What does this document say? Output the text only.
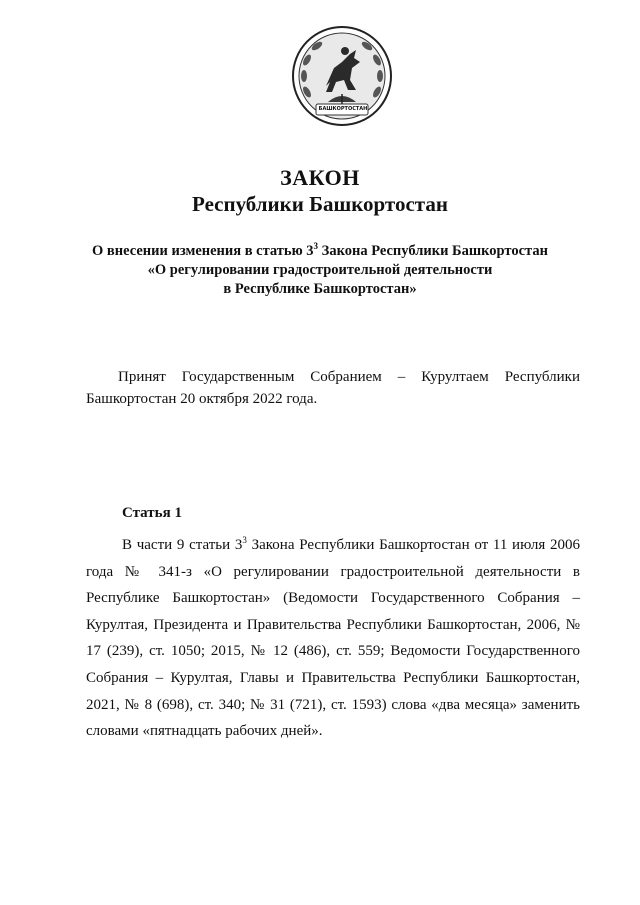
БАШКОРТОСТАН
ЗАКОН
Республики Башкортостан
О внесении изменения в статью $3^3$ Закона Республики Башкортостан
«О регулировании градостроительной деятельности
в Республике Башкортостан»
Принят Государственным Собранием – Курултаем Республики Башкортостан 20 октября 2022 года.
Статья 1
В части 9 статьи $3^3$ Закона Республики Башкортостан от 11 июля 2006 года № 341-з «О регулировании градостроительной деятельности в Республике Башкортостан» (Ведомости Государственного Собрания – Курултая, Президента и Правительства Республики Башкортостан, 2006, № 17 (239), ст. 1050; 2015, № 12 (486), ст. 559; Ведомости Государственного Собрания – Курултая, Главы и Правительства Республики Башкортостан, 2021, № 8 (698), ст. 340; № 31 (721), ст. 1593) слова «два месяца» заменить словами «пятнадцать рабочих дней».
